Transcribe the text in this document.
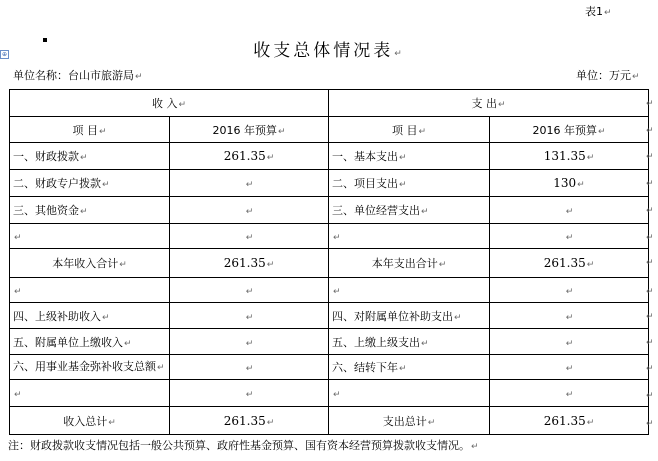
表1↵
⊕	收支总体情况表↵
单位名称：台山市旅游局↵	单位：万元↵
收 入↵		支 出↵	
项 目↵	2016 年预算↵	项 目↵	2016 年预算↵
一、财政拨款↵	261.35↵	一、基本支出↵	131.35↵
二、财政专户拨款↵	↵	二、项目支出↵	130↵
三、其他资金↵	↵	三、单位经营支出↵	↵
↵	↵	↵	↵
本年收入合计↵	261.35↵	本年支出合计↵	261.35↵
↵	↵	↵	↵
四、上级补助收入↵	↵	四、对附属单位补助支出↵	↵
五、附属单位上缴收入↵	↵	五、上缴上级支出↵	↵
六、用事业基金弥补收支总额↵	↵	六、结转下年↵	↵
↵	↵	↵	↵
收入总计↵	261.35↵	支出总计↵	261.35↵
注：财政拨款收支情况包括一般公共预算、政府性基金预算、国有资本经营预算拨款收支情况。↵
↵
↵
↵
↵
↵
↵
↵
↵
↵
↵
↵
↵
↵
